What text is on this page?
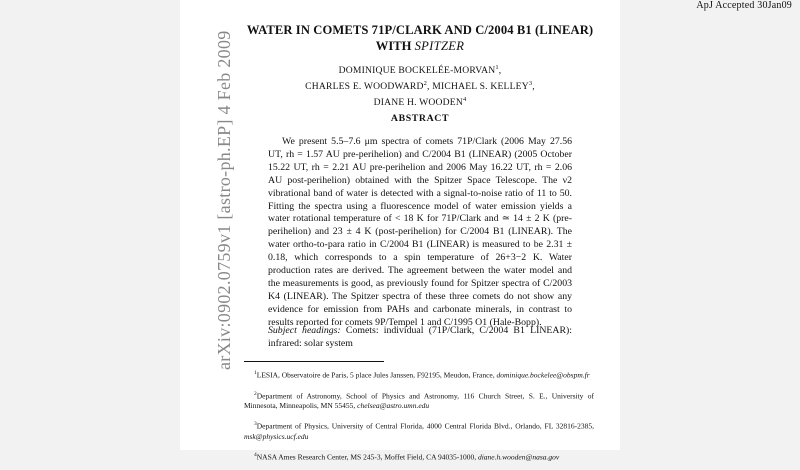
ApJ Accepted 30Jan09
arXiv:0902.0759v1 [astro-ph.EP] 4 Feb 2009
WATER IN COMETS 71P/CLARK AND C/2004 B1 (LINEAR)
WITH SPITZER
DOMINIQUE BOCKELÉE-MORVAN$^1$,
CHARLES E. WOODWARD$^2$, MICHAEL S. KELLEY$^3$,
DIANE H. WOODEN$^4$
ABSTRACT

We present 5.5–7.6 μm spectra of comets 71P/Clark (2006 May 27.56 UT, rh = 1.57 AU pre-perihelion) and C/2004 B1 (LINEAR) (2005 October 15.22 UT, rh = 2.21 AU pre-perihelion and 2006 May 16.22 UT, rh = 2.06 AU post-perihelion) obtained with the Spitzer Space Telescope. The ν2 vibrational band of water is detected with a signal-to-noise ratio of 11 to 50. Fitting the spectra using a fluorescence model of water emission yields a water rotational temperature of < 18 K for 71P/Clark and ≃ 14 ± 2 K (pre-perihelion) and 23 ± 4 K (post-perihelion) for C/2004 B1 (LINEAR). The water ortho-to-para ratio in C/2004 B1 (LINEAR) is measured to be 2.31 ± 0.18, which corresponds to a spin temperature of 26+3−2 K. Water production rates are derived. The agreement between the water model and the measurements is good, as previously found for Spitzer spectra of C/2003 K4 (LINEAR). The Spitzer spectra of these three comets do not show any evidence for emission from PAHs and carbonate minerals, in contrast to results reported for comets 9P/Tempel 1 and C/1995 O1 (Hale-Bopp).

Subject headings: Comets: individual (71P/Clark, C/2004 B1 LINEAR): infrared: solar system

$^1$LESIA, Observatoire de Paris, 5 place Jules Janssen, F92195, Meudon, France, dominique.bockelee@obspm.fr

$^2$Department of Astronomy, School of Physics and Astronomy, 116 Church Street, S. E., University of Minnesota, Minneapolis, MN 55455, chelsea@astro.umn.edu

$^3$Department of Physics, University of Central Florida, 4000 Central Florida Blvd., Orlando, FL 32816-2385, msk@physics.ucf.edu

$^4$NASA Ames Research Center, MS 245-3, Moffet Field, CA 94035-1000, diane.h.wooden@nasa.gov
